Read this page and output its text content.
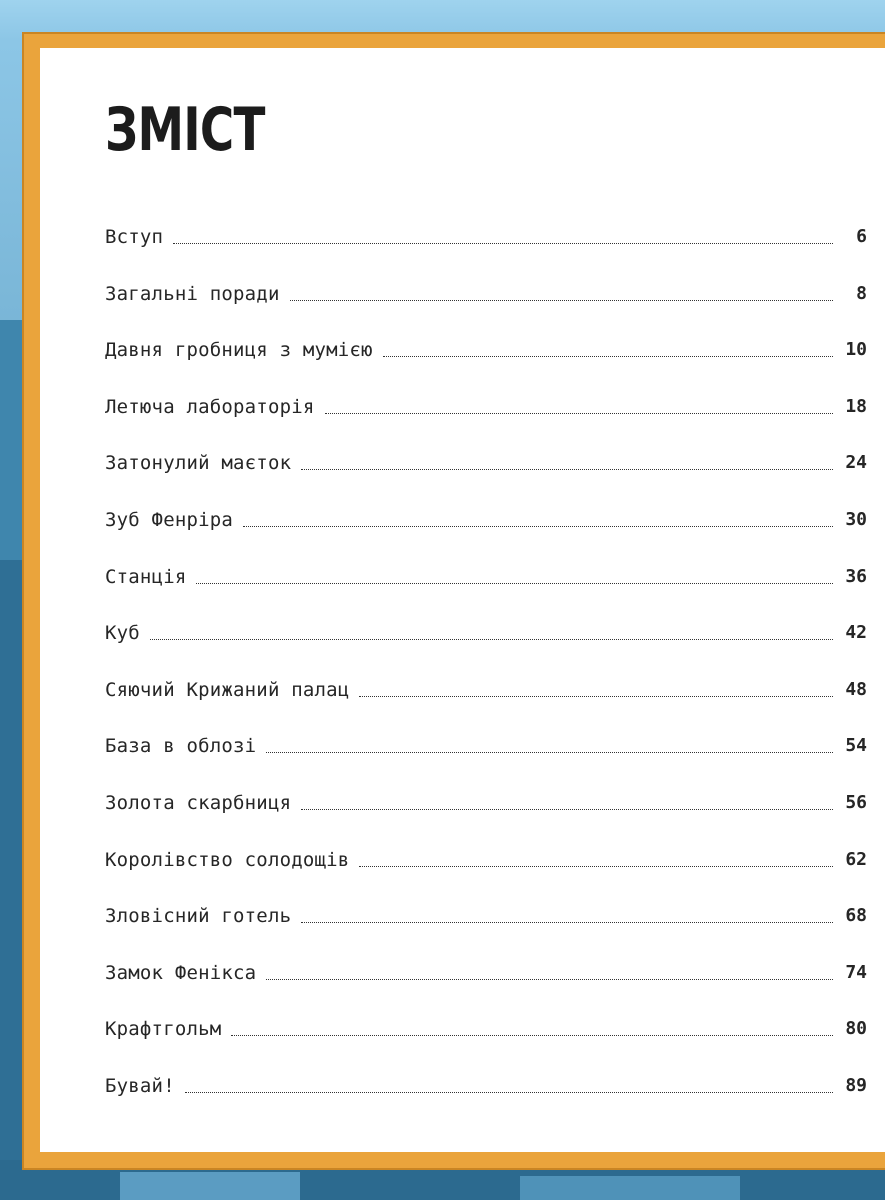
ЗМІСТ
Вступ	6
Загальні поради	8
Давня гробниця з мумією	10
Летюча лабораторія	18
Затонулий маєток	24
Зуб Фенріра	30
Станція	36
Куб	42
Сяючий Крижаний палац	48
База в облозі	54
Золота скарбниця	56
Королівство солодощів	62
Зловісний готель	68
Замок Фенікса	74
Крафтгольм	80
Бувай!	89
